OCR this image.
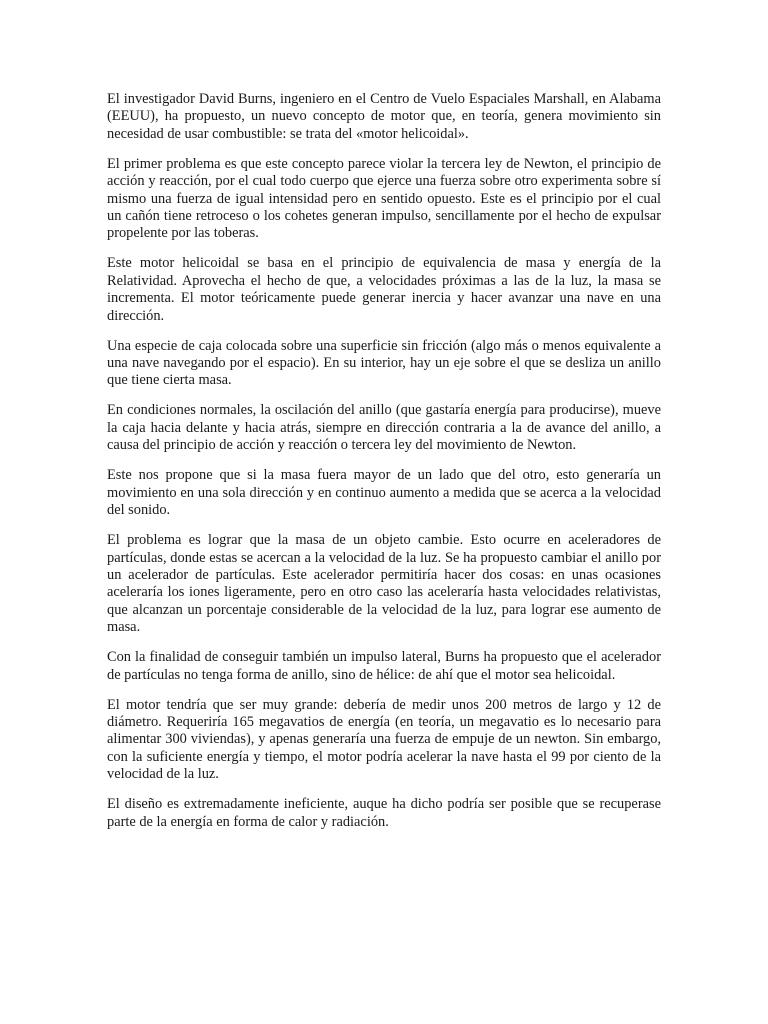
El investigador David Burns, ingeniero en el Centro de Vuelo Espaciales Marshall, en Alabama (EEUU), ha propuesto, un nuevo concepto de motor que, en teoría, genera movimiento sin necesidad de usar combustible: se trata del «motor helicoidal».

El primer problema es que este concepto parece violar la tercera ley de Newton, el principio de acción y reacción, por el cual todo cuerpo que ejerce una fuerza sobre otro experimenta sobre sí mismo una fuerza de igual intensidad pero en sentido opuesto. Este es el principio por el cual un cañón tiene retroceso o los cohetes generan impulso, sencillamente por el hecho de expulsar propelente por las toberas.

Este motor helicoidal se basa en el principio de equivalencia de masa y energía de la Relatividad. Aprovecha el hecho de que, a velocidades próximas a las de la luz, la masa se incrementa. El motor teóricamente puede generar inercia y hacer avanzar una nave en una dirección.

Una especie de caja colocada sobre una superficie sin fricción (algo más o menos equivalente a una nave navegando por el espacio). En su interior, hay un eje sobre el que se desliza un anillo que tiene cierta masa.

En condiciones normales, la oscilación del anillo (que gastaría energía para producirse), mueve la caja hacia delante y hacia atrás, siempre en dirección contraria a la de avance del anillo, a causa del principio de acción y reacción o tercera ley del movimiento de Newton.

Este nos propone que si la masa fuera mayor de un lado que del otro, esto generaría un movimiento en una sola dirección y en continuo aumento a medida que se acerca a la velocidad del sonido.

El problema es lograr que la masa de un objeto cambie. Esto ocurre en aceleradores de partículas, donde estas se acercan a la velocidad de la luz. Se ha propuesto cambiar el anillo por un acelerador de partículas. Este acelerador permitiría hacer dos cosas: en unas ocasiones aceleraría los iones ligeramente, pero en otro caso las aceleraría hasta velocidades relativistas, que alcanzan un porcentaje considerable de la velocidad de la luz, para lograr ese aumento de masa.

Con la finalidad de conseguir también un impulso lateral, Burns ha propuesto que el acelerador de partículas no tenga forma de anillo, sino de hélice: de ahí que el motor sea helicoidal.

El motor tendría que ser muy grande: debería de medir unos 200 metros de largo y 12 de diámetro. Requeriría 165 megavatios de energía (en teoría, un megavatio es lo necesario para alimentar 300 viviendas), y apenas generaría una fuerza de empuje de un newton. Sin embargo, con la suficiente energía y tiempo, el motor podría acelerar la nave hasta el 99 por ciento de la velocidad de la luz.

El diseño es extremadamente ineficiente, auque ha dicho podría ser posible que se recuperase parte de la energía en forma de calor y radiación.
